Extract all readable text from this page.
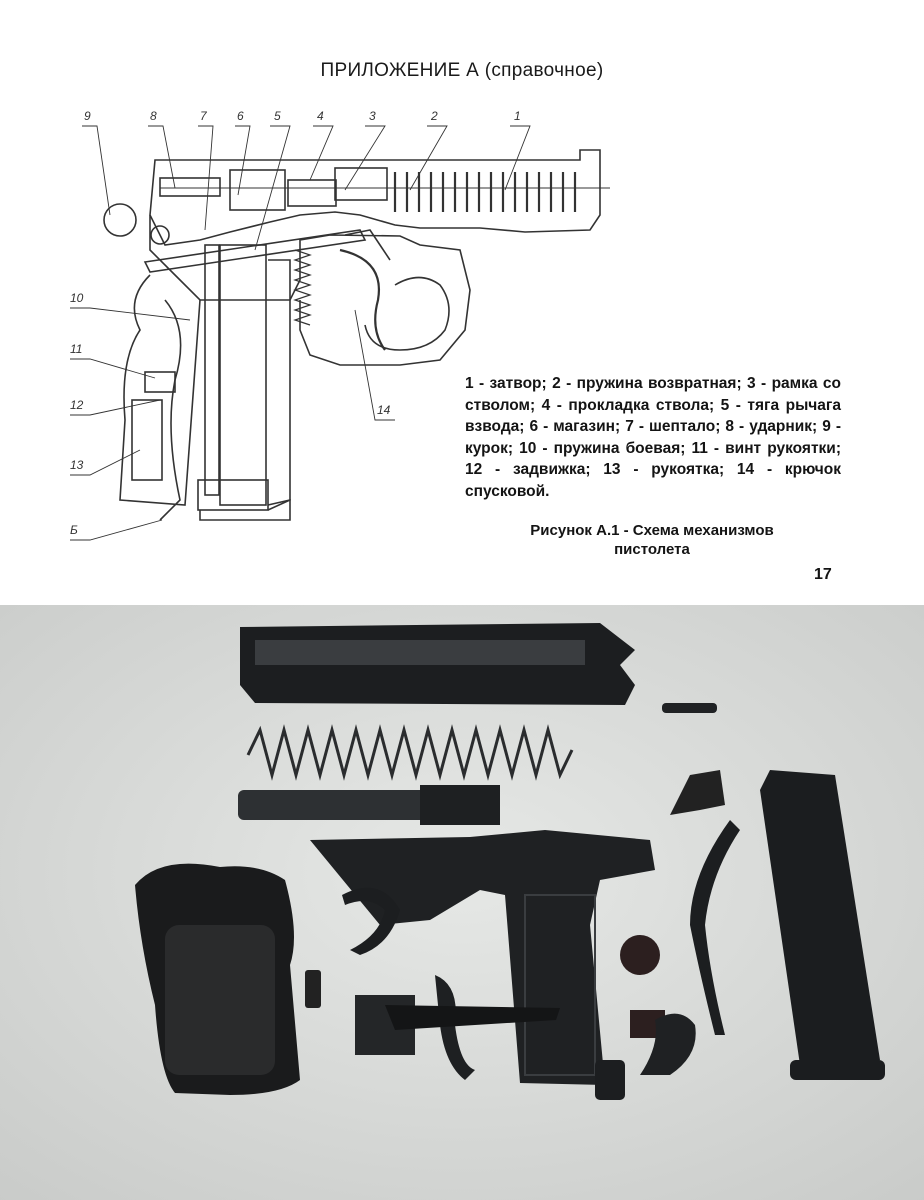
ПРИЛОЖЕНИЕ А (справочное)
1
2
3
4
5
6
7
8
9
10
11
12
13
14
Б
1 - затвор; 2 - пружина возвратная; 3 - рамка со стволом; 4 - прокладка ствола; 5 - тяга рычага взвода; 6 - магазин; 7 - шептало; 8 - ударник; 9 - курок; 10 - пружина боевая; 11 - винт рукоятки; 12 - задвижка; 13 - рукоятка; 14 - крючок спусковой.
Рисунок А.1 - Схема механизмов
пистолета
17
